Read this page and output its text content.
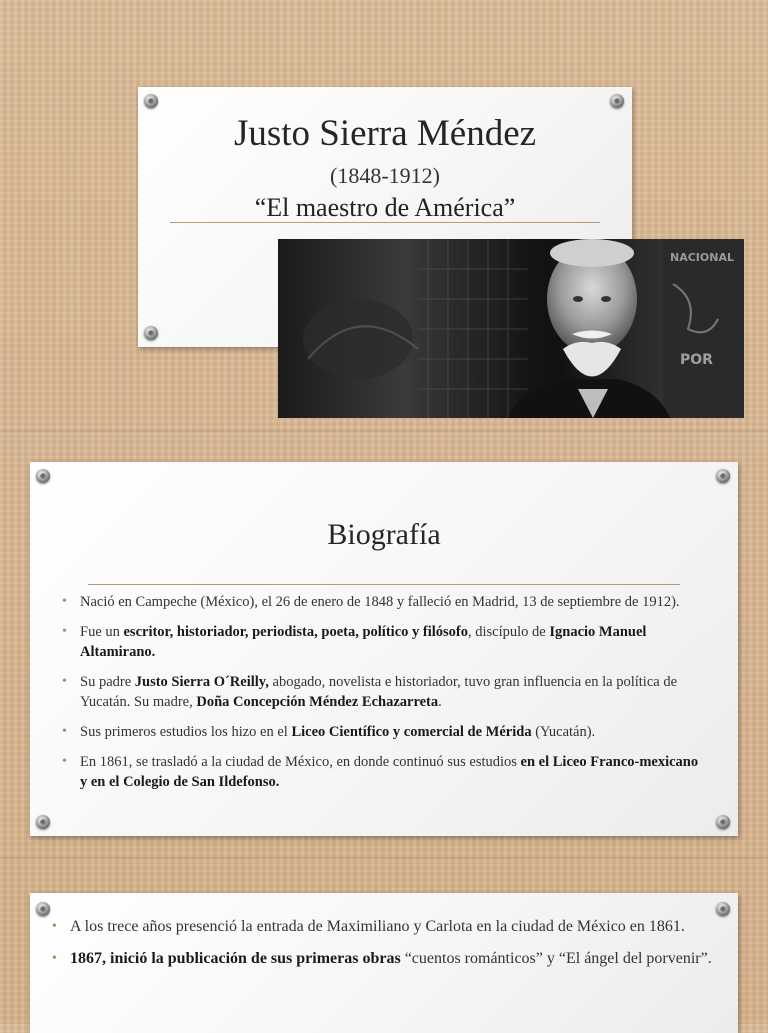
Justo Sierra Méndez
(1848-1912)
“El maestro de América”
NACIONAL
POR
Biografía
• Nació en Campeche (México), el 26 de enero de 1848 y falleció en Madrid, 13 de septiembre de 1912).
• Fue un escritor, historiador, periodista, poeta, político y filósofo, discípulo de Ignacio Manuel Altamirano.
• Su padre Justo Sierra O´Reilly, abogado, novelista e historiador, tuvo gran influencia en la política de Yucatán. Su madre, Doña Concepción Méndez Echazarreta.
• Sus primeros estudios los hizo en el Liceo Científico y comercial de Mérida (Yucatán).
• En 1861, se trasladó a la ciudad de México, en donde continuó sus estudios en el Liceo Franco-mexicano y en el Colegio de San Ildefonso.
• A los trece años presenció la entrada de Maximiliano y Carlota en la ciudad de México en 1861.
• 1867, inició la publicación de sus primeras obras “cuentos románticos” y “El ángel del porvenir”.
